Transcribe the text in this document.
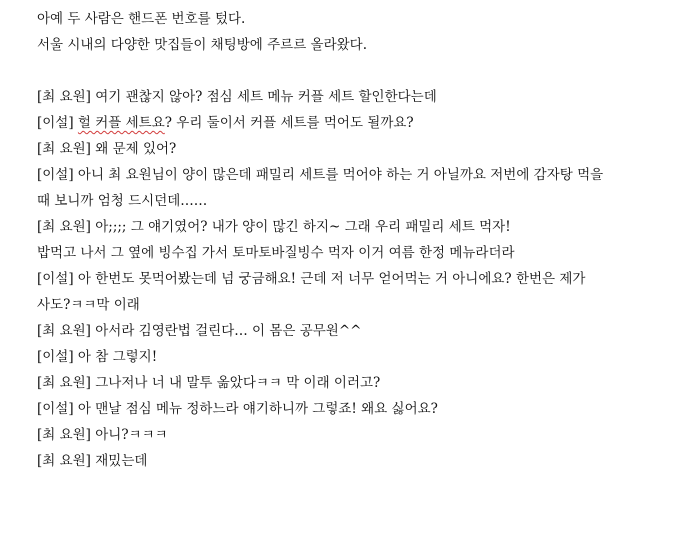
아예 두 사람은 핸드폰 번호를 텄다.
서울 시내의 다양한 맛집들이 채팅방에 주르르 올라왔다.
[최 요원] 여기 괜찮지 않아? 점심 세트 메뉴 커플 세트 할인한다는데
[이설] 헐 커플 세트요? 우리 둘이서 커플 세트를 먹어도 될까요?
[최 요원] 왜 문제 있어?
[이설] 아니 최 요원님이 양이 많은데 패밀리 세트를 먹어야 하는 거 아닐까요 저번에 감자탕 먹을
때 보니까 엄청 드시던데……
[최 요원] 아;;;; 그 얘기였어? 내가 양이 많긴 하지~ 그래 우리 패밀리 세트 먹자!
밥먹고 나서 그 옆에 빙수집 가서 토마토바질빙수 먹자 이거 여름 한정 메뉴라더라
[이설] 아 한번도 못먹어봤는데 넘 궁금해요! 근데 저 너무 얻어먹는 거 아니에요? 한번은 제가
사도?ㅋㅋ막 이래
[최 요원] 아서라 김영란법 걸린다… 이 몸은 공무원^^
[이설] 아 참 그렇지!
[최 요원] 그나저나 너 내 말투 옮았다ㅋㅋ 막 이래 이러고?
[이설] 아 맨날 점심 메뉴 정하느라 얘기하니까 그렇죠! 왜요 싫어요?
[최 요원] 아니?ㅋㅋㅋ
[최 요원] 재밌는데
